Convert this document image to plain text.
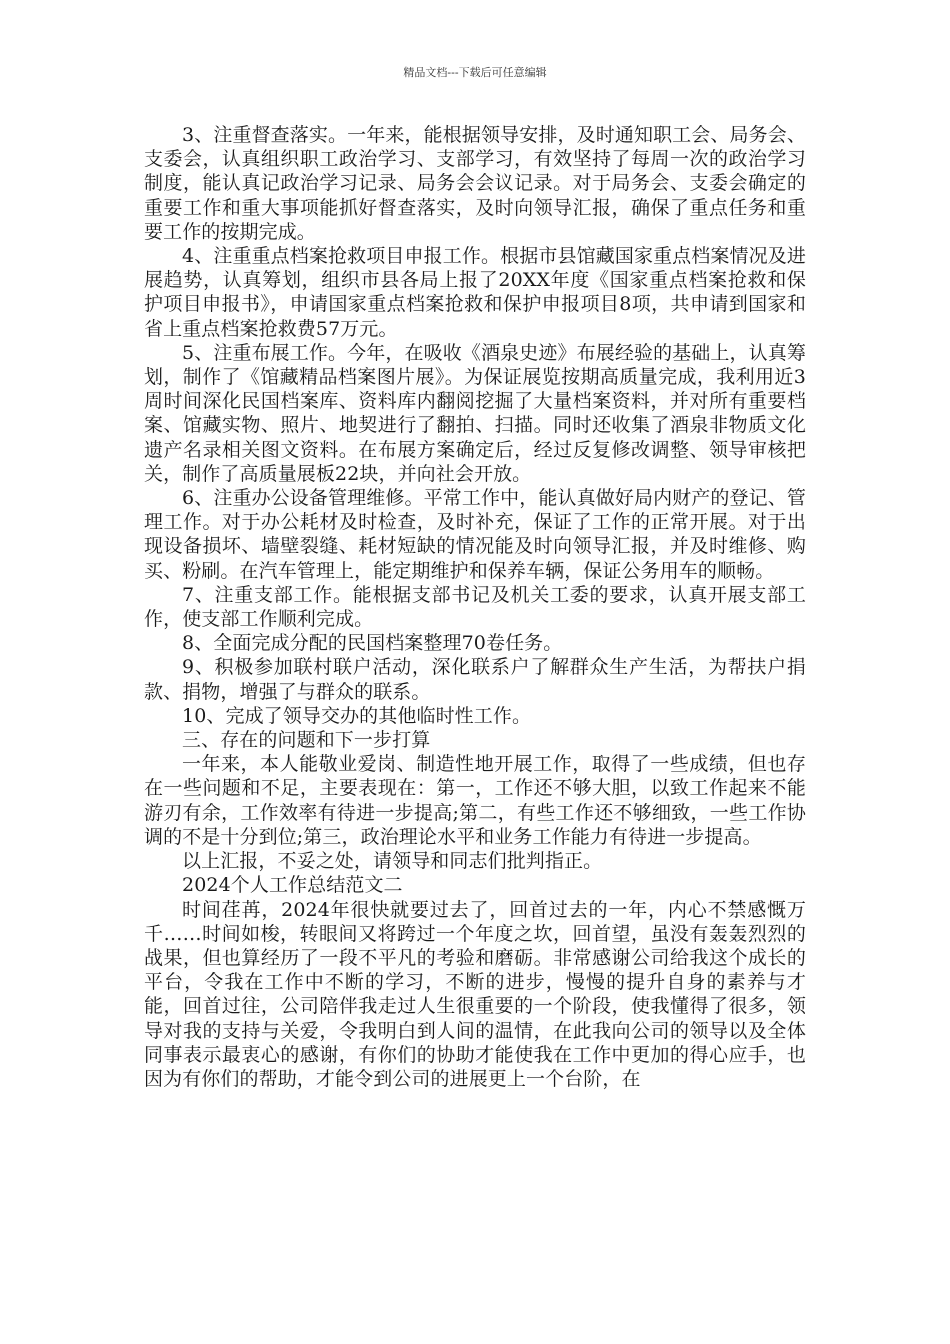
精品文档---下载后可任意编辑

3、注重督查落实。一年来，能根据领导安排，及时通知职工会、局务会、支委会，认真组织职工政治学习、支部学习，有效坚持了每周一次的政治学习制度，能认真记政治学习记录、局务会会议记录。对于局务会、支委会确定的重要工作和重大事项能抓好督查落实，及时向领导汇报，确保了重点任务和重要工作的按期完成。

4、注重重点档案抢救项目申报工作。根据市县馆藏国家重点档案情况及进展趋势，认真筹划，组织市县各局上报了20XX年度《国家重点档案抢救和保护项目申报书》，申请国家重点档案抢救和保护申报项目8项，共申请到国家和省上重点档案抢救费57万元。

5、注重布展工作。今年，在吸收《酒泉史迹》布展经验的基础上，认真筹划，制作了《馆藏精品档案图片展》。为保证展览按期高质量完成，我利用近3周时间深化民国档案库、资料库内翻阅挖掘了大量档案资料，并对所有重要档案、馆藏实物、照片、地契进行了翻拍、扫描。同时还收集了酒泉非物质文化遗产名录相关图文资料。在布展方案确定后，经过反复修改调整、领导审核把关，制作了高质量展板22块，并向社会开放。

6、注重办公设备管理维修。平常工作中，能认真做好局内财产的登记、管理工作。对于办公耗材及时检查，及时补充，保证了工作的正常开展。对于出现设备损坏、墙壁裂缝、耗材短缺的情况能及时向领导汇报，并及时维修、购买、粉刷。在汽车管理上，能定期维护和保养车辆，保证公务用车的顺畅。

7、注重支部工作。能根据支部书记及机关工委的要求，认真开展支部工作，使支部工作顺利完成。

8、全面完成分配的民国档案整理70卷任务。

9、积极参加联村联户活动，深化联系户了解群众生产生活，为帮扶户捐款、捐物，增强了与群众的联系。

10、完成了领导交办的其他临时性工作。

三、存在的问题和下一步打算

一年来，本人能敬业爱岗、制造性地开展工作，取得了一些成绩，但也存在一些问题和不足，主要表现在：第一，工作还不够大胆，以致工作起来不能游刃有余，工作效率有待进一步提高;第二，有些工作还不够细致，一些工作协调的不是十分到位;第三，政治理论水平和业务工作能力有待进一步提高。

以上汇报，不妥之处，请领导和同志们批判指正。

2024个人工作总结范文二

时间荏苒，2024年很快就要过去了，回首过去的一年，内心不禁感慨万千……时间如梭，转眼间又将跨过一个年度之坎，回首望，虽没有轰轰烈烈的战果，但也算经历了一段不平凡的考验和磨砺。非常感谢公司给我这个成长的平台，令我在工作中不断的学习，不断的进步，慢慢的提升自身的素养与才能，回首过往，公司陪伴我走过人生很重要的一个阶段，使我懂得了很多，领导对我的支持与关爱，令我明白到人间的温情，在此我向公司的领导以及全体同事表示最衷心的感谢，有你们的协助才能使我在工作中更加的得心应手，也因为有你们的帮助，才能令到公司的进展更上一个台阶，在
